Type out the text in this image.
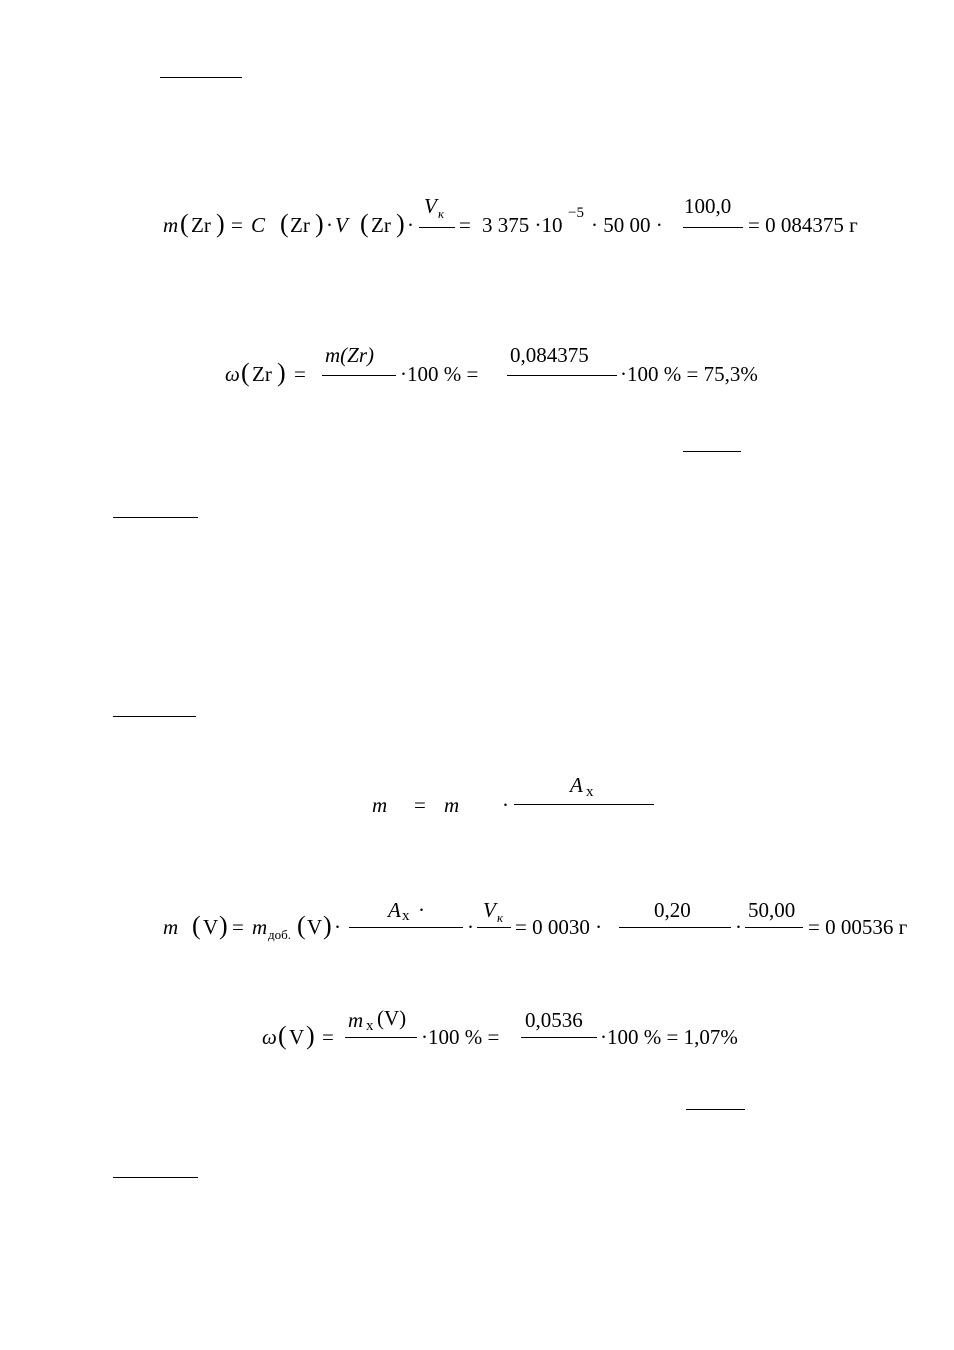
m ( Zr ) = C ( Zr ) · V ( Zr ) ·
V к = 3 375 ·10 −5 · 50 00 ·
100,0
= 0 084375 г
ω ( Zr ) =
m(Zr)
·100 % =
0,084375
·100 % = 75,3%
m = m ·
A x
m ( V ) = m доб. ( V ) ·
A x ·
·
V к = 0 0030 ·
0,20
·
50,00
= 0 00536 г
ω ( V ) =
m x (V)
·100 % =
0,0536
·100 % = 1,07%
